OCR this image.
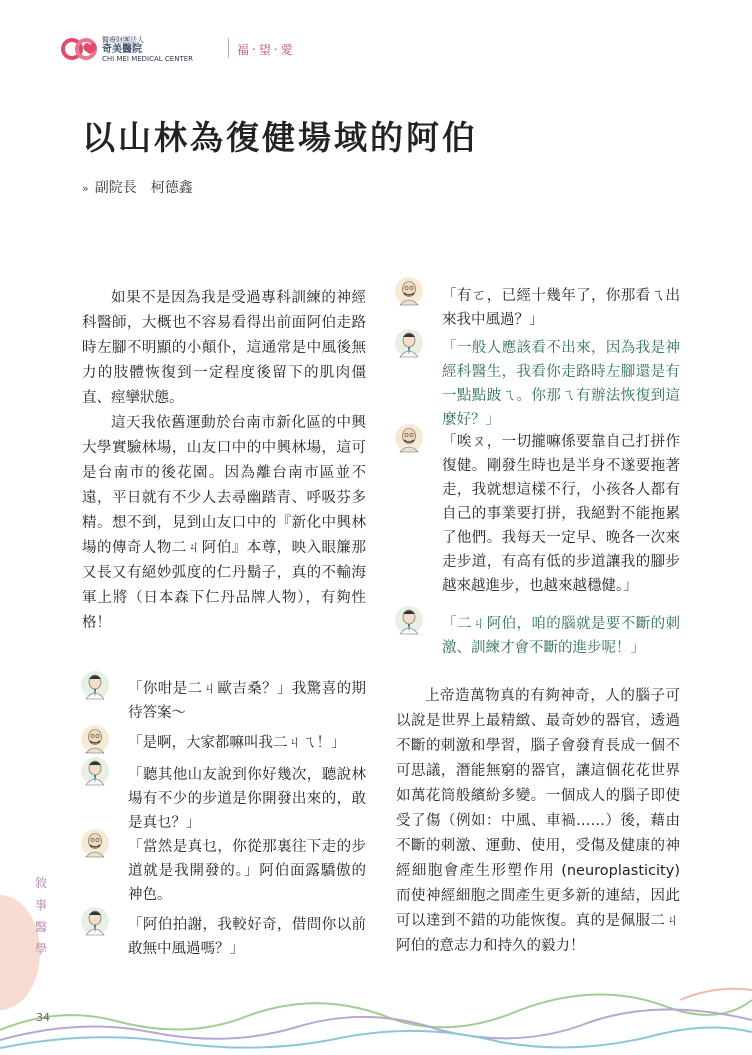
醫療財團法人
奇美醫院
CHI MEI MEDICAL CENTER
福‧望‧愛
以山林為復健場域的阿伯
» 副院長　柯德鑫

如果不是因為我是受過專科訓練的神經科醫師，大概也不容易看得出前面阿伯走路時左腳不明顯的小顛仆，這通常是中風後無力的肢體恢復到一定程度後留下的肌肉僵直、痙攣狀態。

這天我依舊運動於台南市新化區的中興大學實驗林場，山友口中的中興林場，這可是台南市的後花園。因為離台南市區並不遠，平日就有不少人去尋幽踏青、呼吸芬多精。想不到，見到山友口中的『新化中興林場的傳奇人物二ㄐ阿伯』本尊，映入眼簾那又長又有絕妙弧度的仁丹鬍子，真的不輸海軍上將（日本森下仁丹品牌人物），有夠性格！

「你咁是二ㄐ歐吉桑？」我驚喜的期待答案～

「是啊，大家都嘛叫我二ㄐㄟ！」

「聽其他山友說到你好幾次，聽說林場有不少的步道是你開發出來的，敢是真乜？」

「當然是真乜，你從那裏往下走的步道就是我開發的。」阿伯面露驕傲的神色。

「阿伯拍謝，我較好奇，借問你以前敢無中風過嗎？」

「有ㄛ，已經十幾年了，你那看ㄟ出來我中風過？」

「一般人應該看不出來，因為我是神經科醫生，我看你走路時左腳還是有一點點跛ㄟ。你那ㄟ有辦法恢復到這麼好？」

「唉ㄡ，一切攏嘛係要靠自己打拼作復健。剛發生時也是半身不遂要拖著走，我就想這樣不行，小孩各人都有自己的事業要打拼，我絕對不能拖累了他們。我每天一定早、晚各一次來走步道，有高有低的步道讓我的腳步越來越進步，也越來越穩健。」

「二ㄐ阿伯，咱的腦就是要不斷的刺激、訓練才會不斷的進步呢！」

上帝造萬物真的有夠神奇，人的腦子可以說是世界上最精緻、最奇妙的器官，透過不斷的刺激和學習，腦子會發育長成一個不可思議，潛能無窮的器官，讓這個花花世界如萬花筒般繽紛多變。一個成人的腦子即使受了傷（例如：中風、車禍……）後，藉由不斷的刺激、運動、使用，受傷及健康的神經細胞會產生形塑作用 (neuroplasticity) 而使神經細胞之間產生更多新的連結，因此可以達到不錯的功能恢復。真的是佩服二ㄐ阿伯的意志力和持久的毅力！

敘事醫學
34
